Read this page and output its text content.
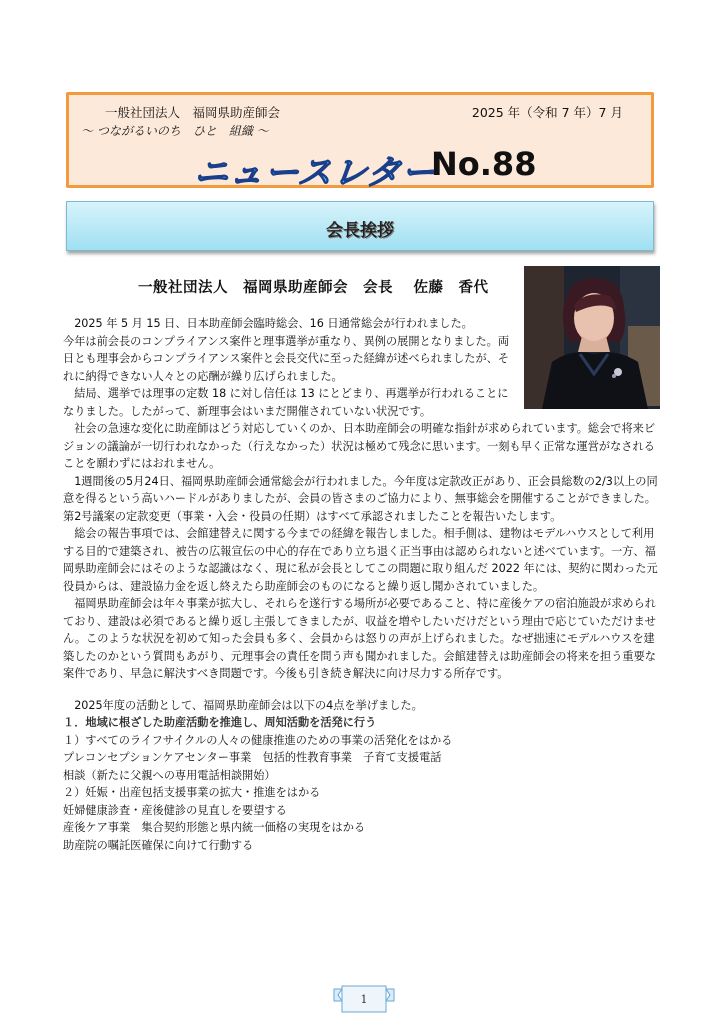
一般社団法人　福岡県助産師会	2025 年（令和 7 年）7 月
～ つながるいのち　ひと　組織 ～
ニュースレター
No.88
会長挨拶
一般社団法人　福岡県助産師会　会長　 佐藤　香代

2025 年 5 月 15 日、日本助産師会臨時総会、16 日通常総会が行われました。

今年は前会長のコンプライアンス案件と理事選挙が重なり、異例の展開となりました。両日とも理事会からコンプライアンス案件と会長交代に至った経緯が述べられましたが、それに納得できない人々との応酬が繰り広げられました。

結局、選挙では理事の定数 18 に対し信任は 13 にとどまり、再選挙が行われることになりました。したがって、新理事会はいまだ開催されていない状況です。

社会の急速な変化に助産師はどう対応していくのか、日本助産師会の明確な指針が求められています。総会で将来ビジョンの議論が一切行われなかった（行えなかった）状況は極めて残念に思います。一刻も早く正常な運営がなされることを願わずにはおれません。

1週間後の5月24日、福岡県助産師会通常総会が行われました。今年度は定款改正があり、正会員総数の2/3以上の同意を得るという高いハードルがありましたが、会員の皆さまのご協力により、無事総会を開催することができました。第2号議案の定款変更（事業・入会・役員の任期）はすべて承認されましたことを報告いたします。

総会の報告事項では、会館建替えに関する今までの経緯を報告しました。相手側は、建物はモデルハウスとして利用する目的で建築され、被告の広報宣伝の中心的存在であり立ち退く正当事由は認められないと述べています。一方、福岡県助産師会にはそのような認識はなく、現に私が会長としてこの問題に取り組んだ 2022 年には、契約に関わった元役員からは、建設協力金を返し終えたら助産師会のものになると繰り返し聞かされていました。

福岡県助産師会は年々事業が拡大し、それらを遂行する場所が必要であること、特に産後ケアの宿泊施設が求められており、建設は必須であると繰り返し主張してきましたが、収益を増やしたいだけだという理由で応じていただけません。このような状況を初めて知った会員も多く、会員からは怒りの声が上げられました。なぜ拙速にモデルハウスを建築したのかという質問もあがり、元理事会の責任を問う声も聞かれました。会館建替えは助産師会の将来を担う重要な案件であり、早急に解決すべき問題です。今後も引き続き解決に向け尽力する所存です。

2025年度の活動として、福岡県助産師会は以下の4点を挙げました。

１．地域に根ざした助産活動を推進し、周知活動を活発に行う

１）すべてのライフサイクルの人々の健康推進のための事業の活発化をはかる

プレコンセプションケアセンター事業　包括的性教育事業　子育て支援電話

相談（新たに父親への専用電話相談開始）

２）妊娠・出産包括支援事業の拡大・推進をはかる

妊婦健康診査・産後健診の見直しを要望する

産後ケア事業　集合契約形態と県内統一価格の実現をはかる

助産院の嘱託医確保に向けて行動する

1
